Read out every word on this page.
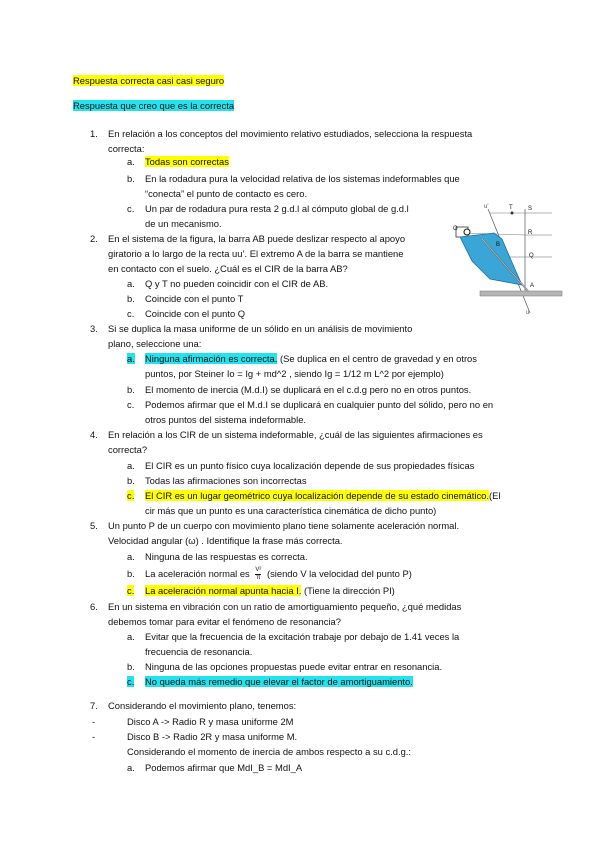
Respuesta correcta casi casi seguro
Respuesta que creo que es la correcta
1.	En relación a los conceptos del movimiento relativo estudiados, selecciona la respuesta
correcta:
a.	Todas son correctas
b.	En la rodadura pura la velocidad relativa de los sistemas indeformables que
“conecta” el punto de contacto es cero.
c.	Un par de rodadura pura resta 2 g.d.l al cómputo global de g.d.l
de un mecanismo.
u'	T	S
R
O
B
Q
A
u
2.	En el sistema de la figura, la barra AB puede deslizar respecto al apoyo
giratorio a lo largo de la recta uu’. El extremo A de la barra se mantiene
en contacto con el suelo. ¿Cuál es el CIR de la barra AB?
a.	Q y T no pueden coincidir con el CIR de AB.
b.	Coincide con el punto T
c.	Coincide con el punto Q
3.	Si se duplica la masa uniforme de un sólido en un análisis de movimiento
plano, seleccione una:
a.	Ninguna afirmación es correcta. (Se duplica en el centro de gravedad y en otros
puntos, por Steiner Io = Ig + md^2 , siendo Ig = 1/12 m L^2 por ejemplo)
b.	El momento de inercia (M.d.I) se duplicará en el c.d.g pero no en otros puntos.
c.	Podemos afirmar que el M.d.I se duplicará en cualquier punto del sólido, pero no en
otros puntos del sistema indeformable.
4.	En relación a los CIR de un sistema indeformable, ¿cuál de las siguientes afirmaciones es
correcta?
a.	El CIR es un punto físico cuya localización depende de sus propiedades físicas
b.	Todas las afirmaciones son incorrectas
c.	El CIR es un lugar geométrico cuya localización depende de su estado cinemático.(El
cir más que un punto es una característica cinemática de dicho punto)
5.	Un punto P de un cuerpo con movimiento plano tiene solamente aceleración normal.
Velocidad angular (ω) . Identifique la frase más correcta.
a.	Ninguna de las respuestas es correcta.
b.	La aceleración normal es $\frac{\text{V²}}{\pi}$ (siendo V la velocidad del punto P)
c.	La aceleración normal apunta hacia I. (Tiene la dirección PI)
6.	En un sistema en vibración con un ratio de amortiguamiento pequeño, ¿qué medidas
debemos tomar para evitar el fenómeno de resonancia?
a.	Evitar que la frecuencia de la excitación trabaje por debajo de 1.41 veces la
frecuencia de resonancia.
b.	Ninguna de las opciones propuestas puede evitar entrar en resonancia.
c.	No queda más remedio que elevar el factor de amortiguamiento.
7.	Considerando el movimiento plano, tenemos:
-	Disco A -> Radio R y masa uniforme 2M
-	Disco B -> Radio 2R y masa uniforme M.
Considerando el momento de inercia de ambos respecto a su c.d.g.:
a.	Podemos afirmar que MdI_B = MdI_A
